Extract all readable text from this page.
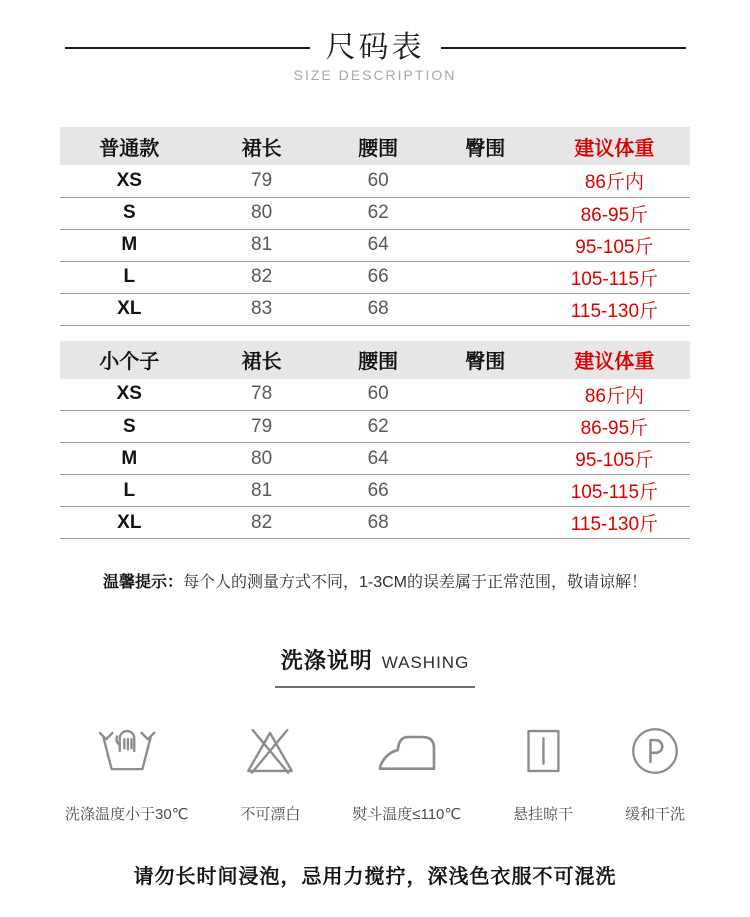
尺码表
SIZE DESCRIPTION
普通款	裙长	腰围	臀围	建议体重
XS	79	60		86斤内
S	80	62		86-95斤
M	81	64		95-105斤
L	82	66		105-115斤
XL	83	68		115-130斤
小个子	裙长	腰围	臀围	建议体重
XS	78	60		86斤内
S	79	62		86-95斤
M	80	64		95-105斤
L	81	66		105-115斤
XL	82	68		115-130斤
温馨提示：每个人的测量方式不同，1-3CM的误差属于正常范围，敬请谅解！
洗涤说明 WASHING
洗涤温度小于30℃	不可漂白	熨斗温度≤110℃	悬挂晾干	缓和干洗
请勿长时间浸泡，忌用力搅拧，深浅色衣服不可混洗
